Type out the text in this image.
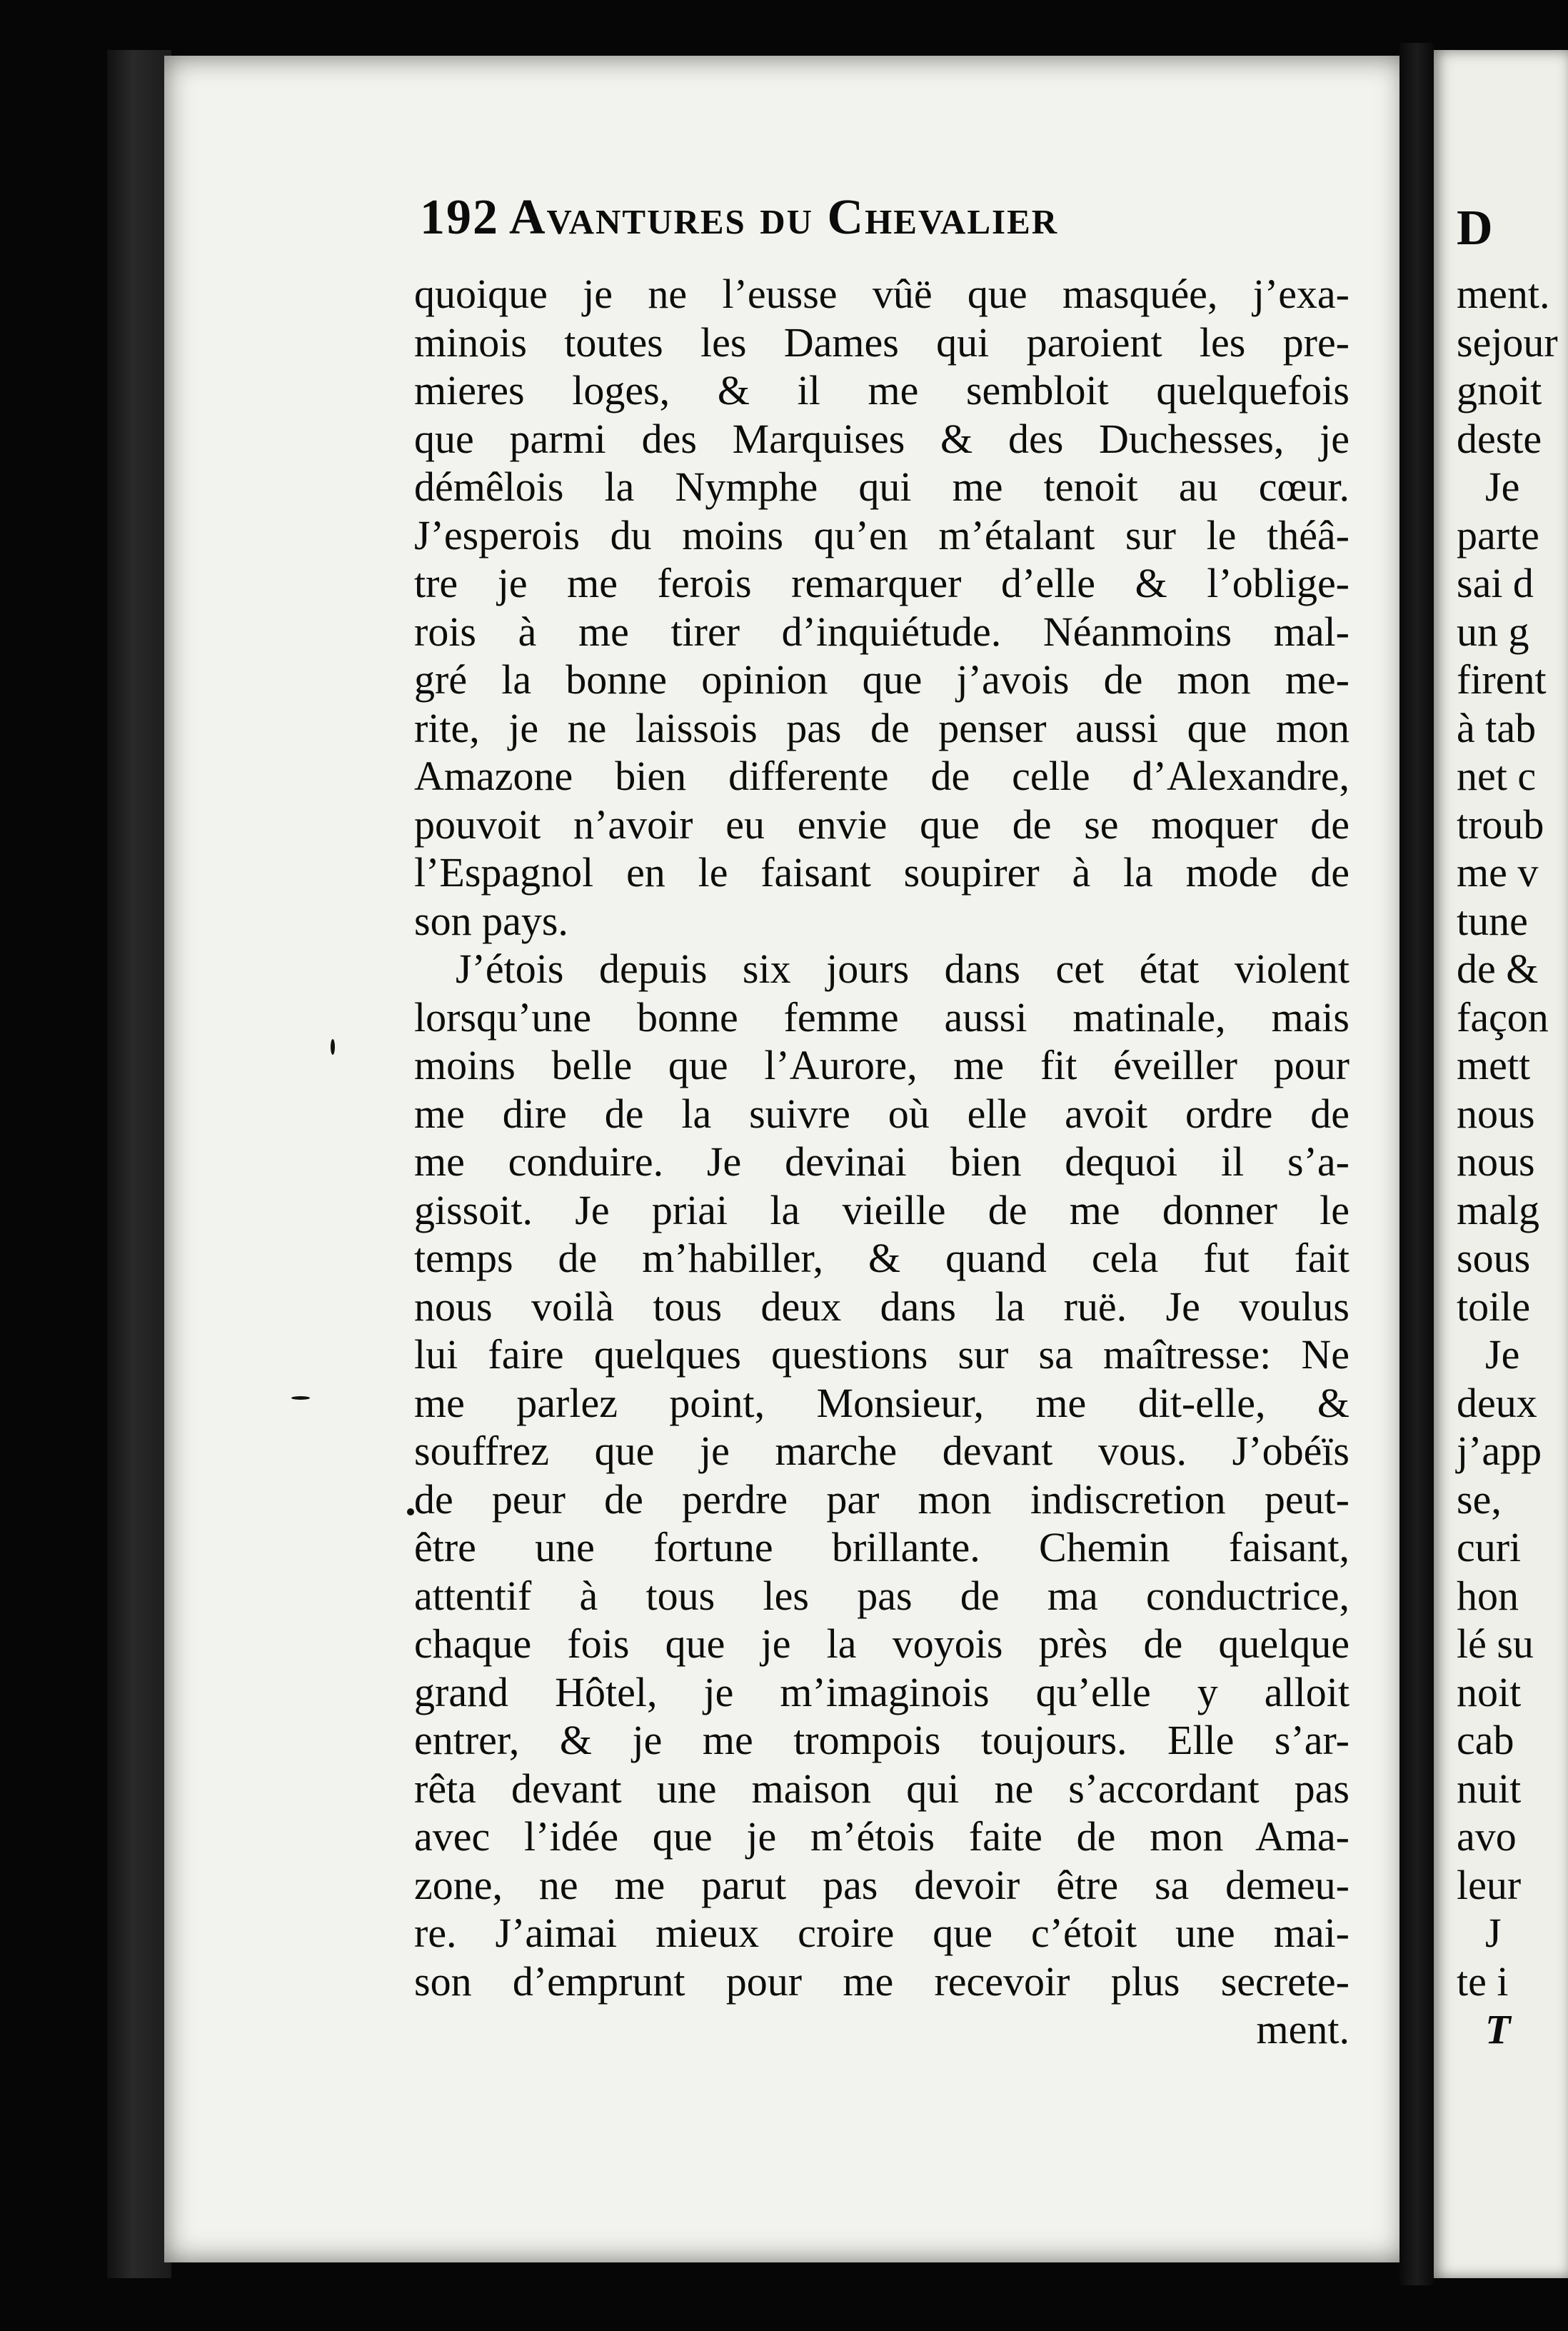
192 Avantures du Chevalier
quoique je ne l’eusse vûë que masquée, j’exa-
minois toutes les Dames qui paroient les pre-
mieres loges, & il me sembloit quelquefois
que parmi des Marquises & des Duchesses, je
démêlois la Nymphe qui me tenoit au cœur.
J’esperois du moins qu’en m’étalant sur le théâ-
tre je me ferois remarquer d’elle & l’oblige-
rois à me tirer d’inquiétude. Néanmoins mal-
gré la bonne opinion que j’avois de mon me-
rite, je ne laissois pas de penser aussi que mon
Amazone bien differente de celle d’Alexandre,
pouvoit n’avoir eu envie que de se moquer de
l’Espagnol en le faisant soupirer à la mode de
son pays.
J’étois depuis six jours dans cet état violent
lorsqu’une bonne femme aussi matinale, mais
moins belle que l’Aurore, me fit éveiller pour
me dire de la suivre où elle avoit ordre de
me conduire. Je devinai bien dequoi il s’a-
gissoit. Je priai la vieille de me donner le
temps de m’habiller, & quand cela fut fait
nous voilà tous deux dans la ruë. Je voulus
lui faire quelques questions sur sa maîtresse: Ne
me parlez point, Monsieur, me dit-elle, &
souffrez que je marche devant vous. J’obéïs
de peur de perdre par mon indiscretion peut-
être une fortune brillante. Chemin faisant,
attentif à tous les pas de ma conductrice,
chaque fois que je la voyois près de quelque
grand Hôtel, je m’imaginois qu’elle y alloit
entrer, & je me trompois toujours. Elle s’ar-
rêta devant une maison qui ne s’accordant pas
avec l’idée que je m’étois faite de mon Ama-
zone, ne me parut pas devoir être sa demeu-
re. J’aimai mieux croire que c’étoit une mai-
son d’emprunt pour me recevoir plus secrete-
ment.
D
ment.
sejour
gnoit
deste
Je
parte
sai d
un g
firent
à tab
net c
troub
me v
tune
de &
façon
mett
nous
nous
malg
sous
toile
Je
deux
j’app
se,
curi
hon
lé su
noit
cab
nuit
avo
leur
J
te i
T
